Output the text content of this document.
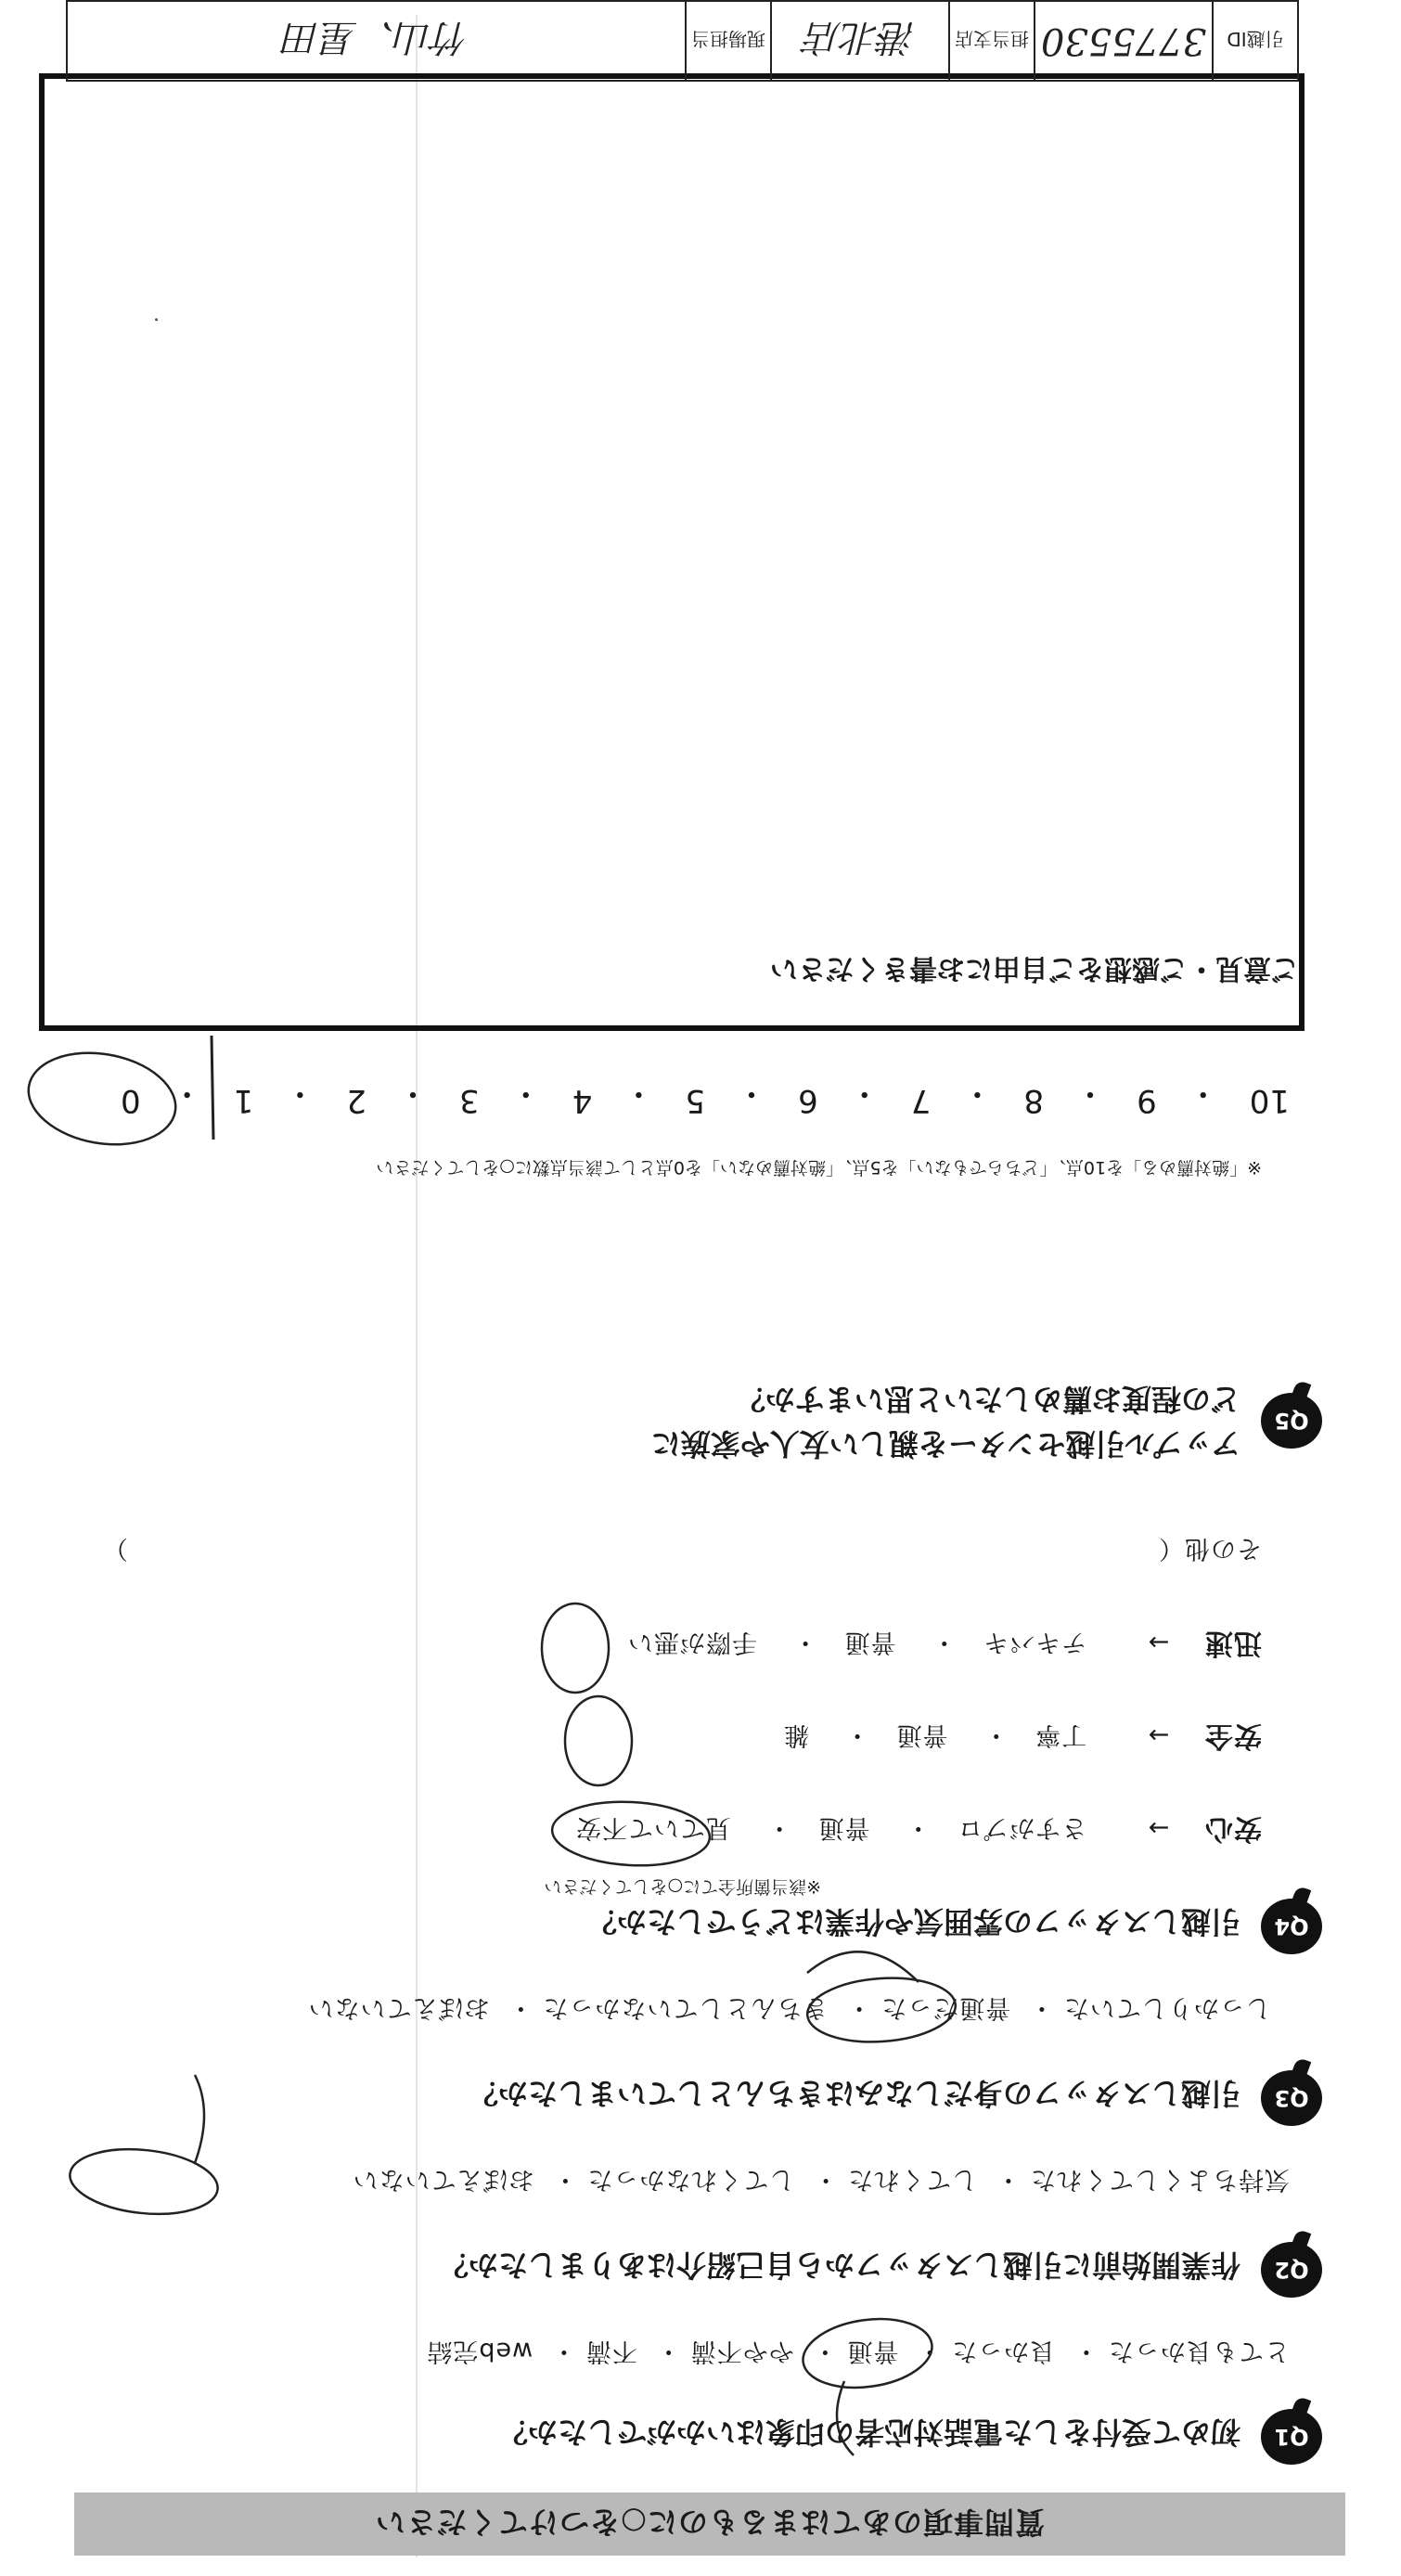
質問事項のあてはまるものに○をつけてください
Q1
初めて受付をした電話対応者の印象はいかがでしたか？
とても良かった ・  良かった ・  普通 ・  やや不満 ・  不満 ・  web完結
Q2
作業開始前に引越しスタッフから自己紹介はありましたか？
気持ちよくしてくれた ・  してくれた ・  してくれなかった ・  おぼえていない
Q3
引越しスタッフの身だしなみはきちんとしていましたか？
しっかりしていた ・  普通だった ・  きちんとしていなかった ・  おぼえていない
Q4
引越しスタッフの雰囲気や作業はどうでしたか？
※該当箇所全てに○をしてください
安心　 →　　 さすがプロ　・　 普通　・　 見ていて不安
安全　 →　　 丁寧　・　 普通　・　 雑
迅速　 →　　 テキパキ　・　 普通　・　 手際が悪い
その他（
）
Q5
アップル引越センターを親しい友人や家族に
どの程度お薦めしたいと思いますか？
※「絶対薦める」を10点、「どちらでもない」を5点、「絶対薦めない」を0点として該当点数に○をしてください
10
・
9
・
8
・
7
・
6
・
5
・
4
・
3
・
2
・
1
・
0
ご意見・ご感想をご自由にお書きください
引越ID
3775530
担当支店
港北店
現場担当
竹山、星田
